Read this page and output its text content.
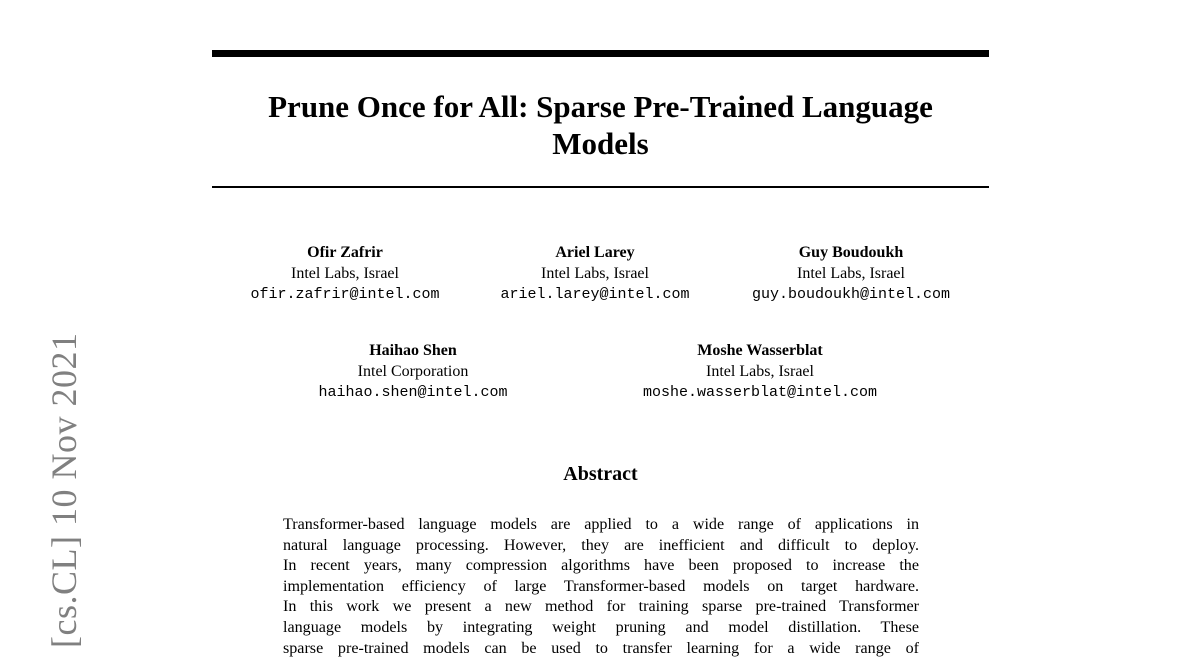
[cs.CL] 10 Nov 2021
Prune Once for All: Sparse Pre-Trained Language
Models
Ofir Zafrir
Intel Labs, Israel
ofir.zafrir@intel.com
Ariel Larey
Intel Labs, Israel
ariel.larey@intel.com
Guy Boudoukh
Intel Labs, Israel
guy.boudoukh@intel.com
Haihao Shen
Intel Corporation
haihao.shen@intel.com
Moshe Wasserblat
Intel Labs, Israel
moshe.wasserblat@intel.com
Abstract
Transformer-based language models are applied to a wide range of applications in
natural language processing. However, they are inefficient and difficult to deploy.
In recent years, many compression algorithms have been proposed to increase the
implementation efficiency of large Transformer-based models on target hardware.
In this work we present a new method for training sparse pre-trained Transformer
language models by integrating weight pruning and model distillation. These
sparse pre-trained models can be used to transfer learning for a wide range of
